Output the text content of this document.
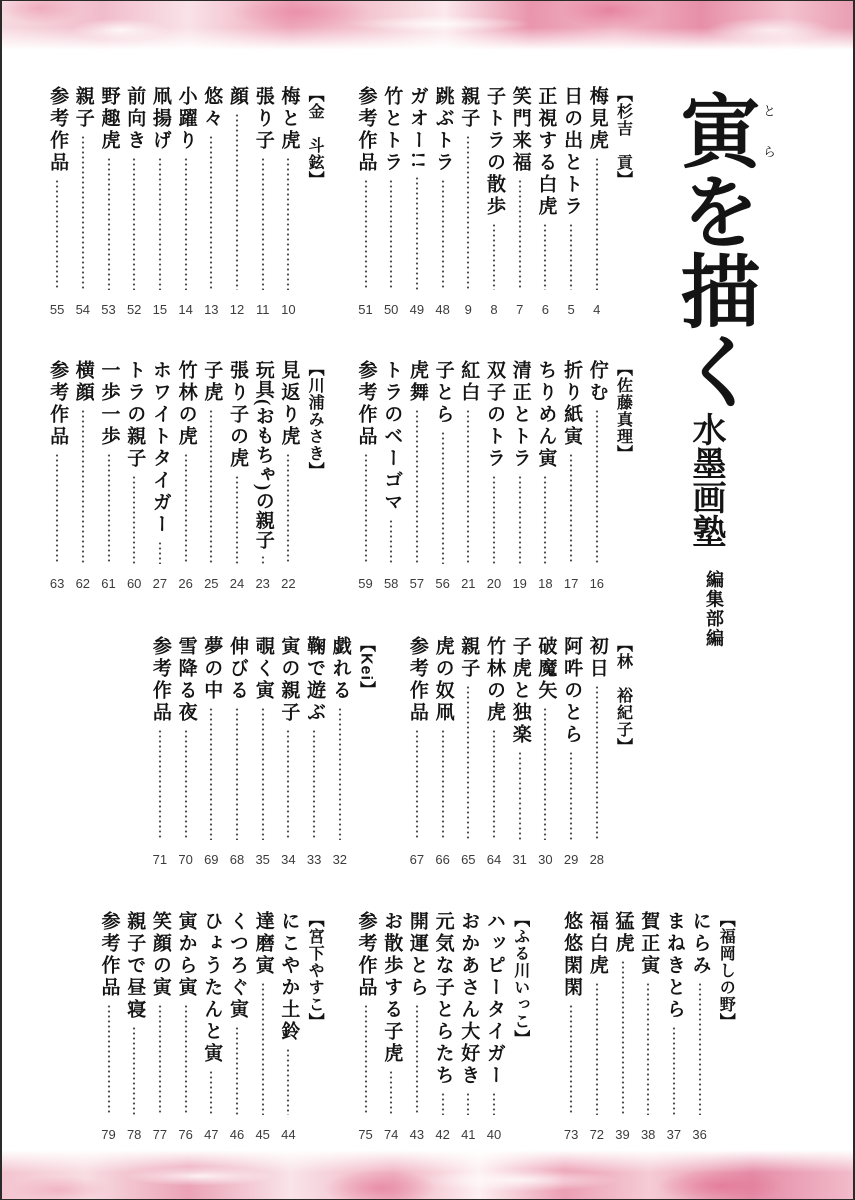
寅を描く
とら
水墨画塾
編集部編
【杉吉　貢】
梅見虎
4
日の出とトラ
5
正視する白虎
6
笑門来福
7
子トラの散歩
8
親子
9
跳ぶトラ
48
ガオー!!
49
竹とトラ
50
参考作品
51
【金　斗鉉】
梅と虎
10
張り子
11
顔
12
悠々
13
小躍り
14
凧揚げ
15
前向き
52
野趣虎
53
親子
54
参考作品
55
【佐藤真理】
佇む
16
折り紙寅
17
ちりめん寅
18
清正とトラ
19
双子のトラ
20
紅白
21
子とら
56
虎舞
57
トラのベーゴマ
58
参考作品
59
【川浦みさき】
見返り虎
22
玩具(おもちゃ)の親子
23
張り子の虎
24
子虎
25
竹林の虎
26
ホワイトタイガー
27
トラの親子
60
一歩一歩
61
横顔
62
参考作品
63
【林　裕紀子】
初日
28
阿吽のとら
29
破魔矢
30
子虎と独楽
31
竹林の虎
64
親子
65
虎の奴凧
66
参考作品
67
【Kei】
戯れる
32
鞠で遊ぶ
33
寅の親子
34
覗く寅
35
伸びる
68
夢の中
69
雪降る夜
70
参考作品
71
【福岡しの野】
にらみ
36
まねきとら
37
賀正寅
38
猛虎
39
福白虎
72
悠悠閑閑
73
【ふる川いっこ】
ハッピータイガー
40
おかあさん大好き
41
元気な子とらたち
42
開運とら
43
お散歩する子虎
74
参考作品
75
【宮下やすこ】
にこやか土鈴
44
達磨寅
45
くつろぐ寅
46
ひょうたんと寅
47
寅から寅
76
笑顔の寅
77
親子で昼寝
78
参考作品
79
